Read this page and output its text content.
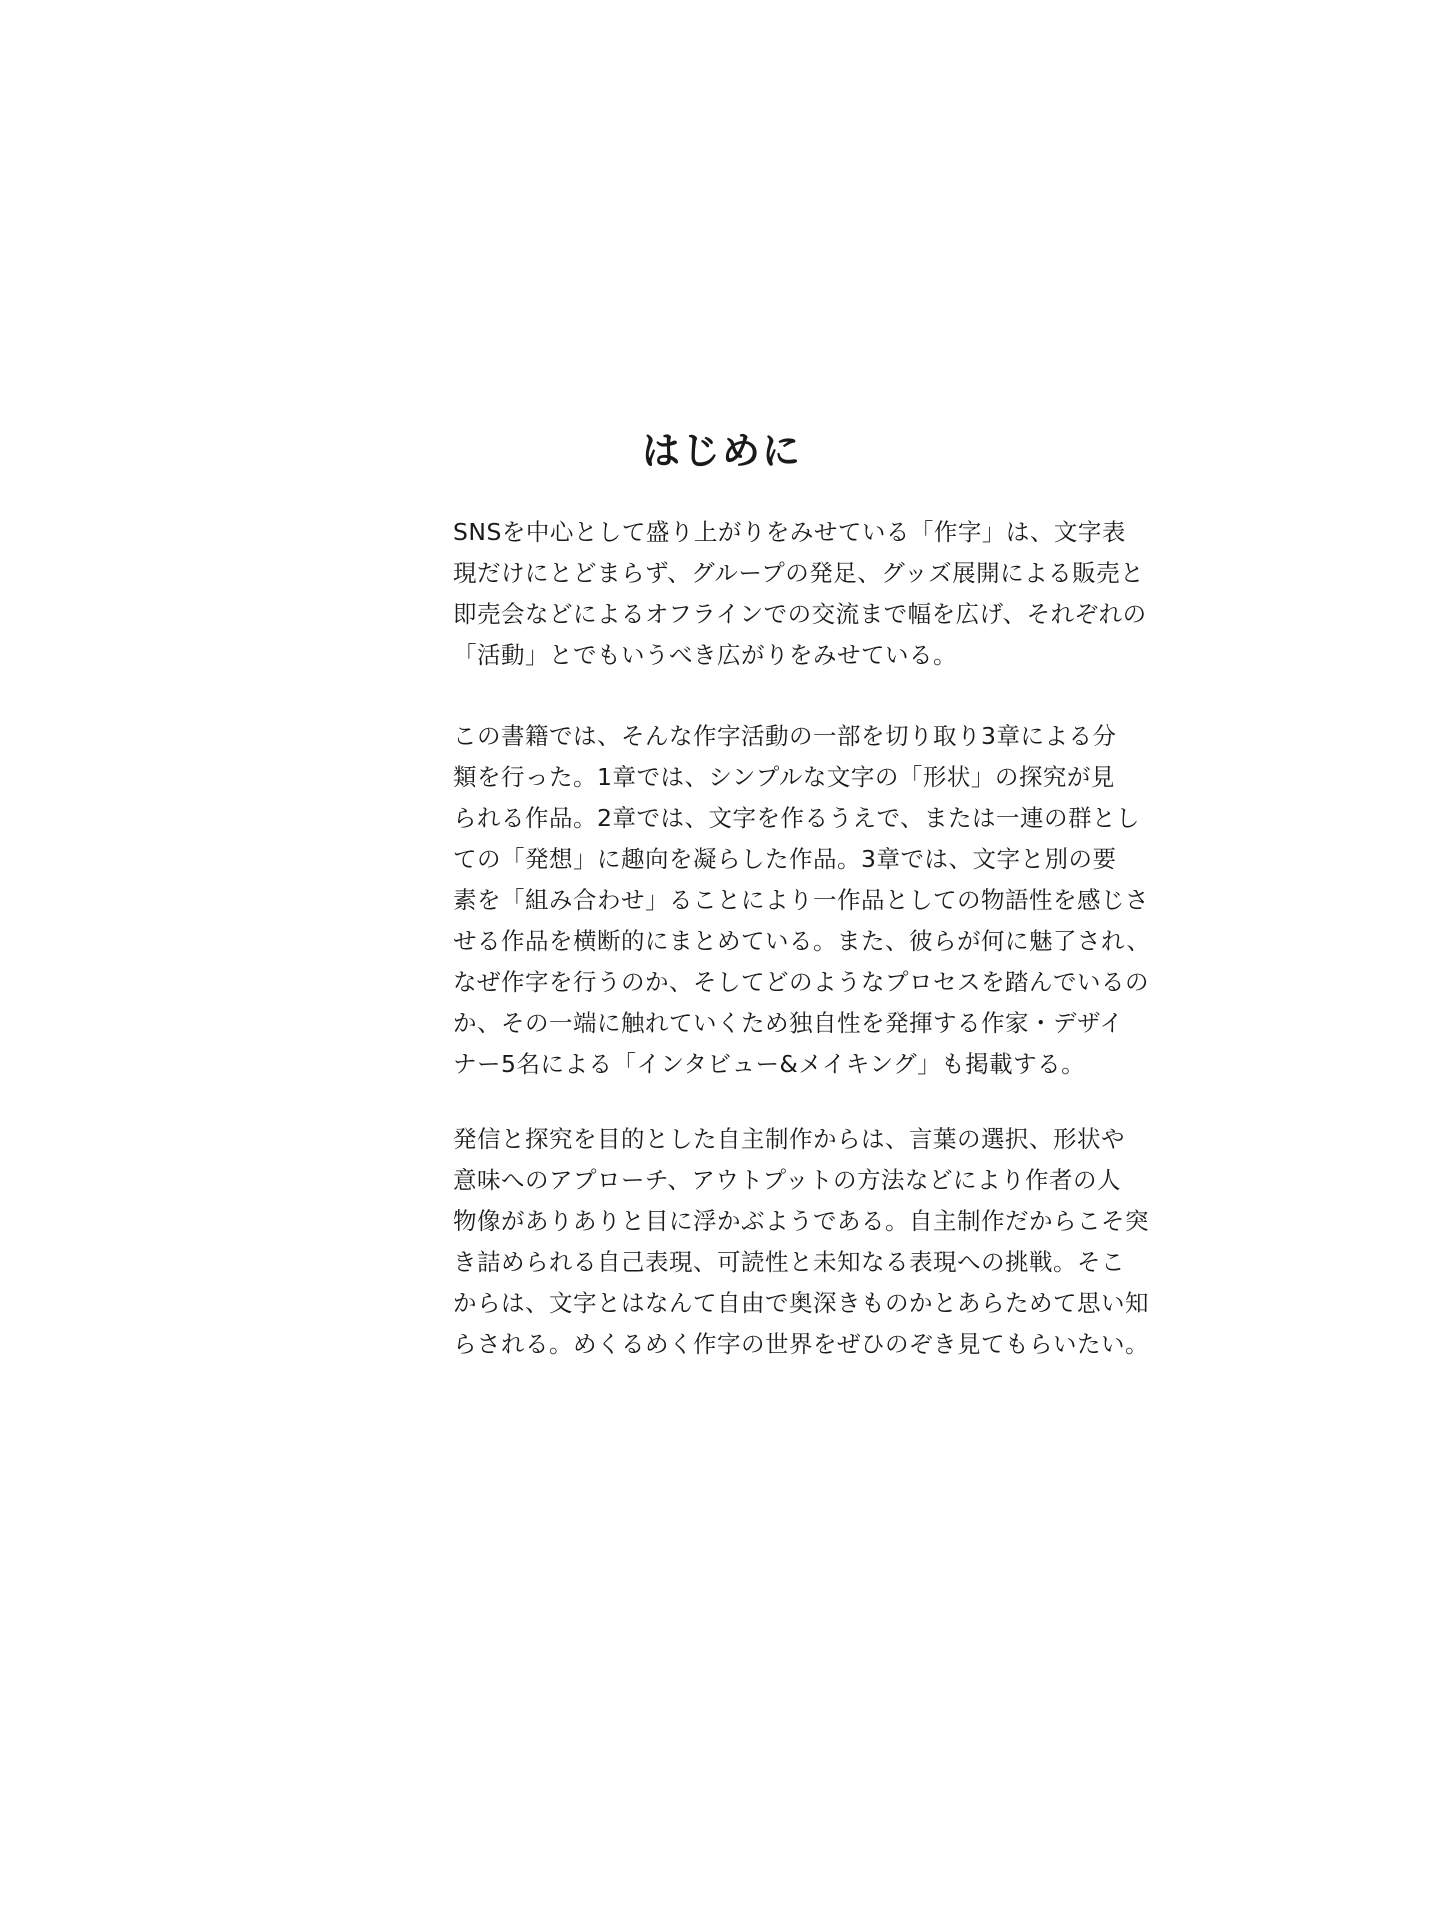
はじめに
SNSを中心として盛り上がりをみせている「作字」は、文字表
現だけにとどまらず、グループの発足、グッズ展開による販売と
即売会などによるオフラインでの交流まで幅を広げ、それぞれの
「活動」とでもいうべき広がりをみせている。
この書籍では、そんな作字活動の一部を切り取り3章による分
類を行った。1章では、シンプルな文字の「形状」の探究が見
られる作品。2章では、文字を作るうえで、または一連の群とし
ての「発想」に趣向を凝らした作品。3章では、文字と別の要
素を「組み合わせ」ることにより一作品としての物語性を感じさ
せる作品を横断的にまとめている。また、彼らが何に魅了され、
なぜ作字を行うのか、そしてどのようなプロセスを踏んでいるの
か、その一端に触れていくため独自性を発揮する作家・デザイ
ナー5名による「インタビュー&メイキング」も掲載する。
発信と探究を目的とした自主制作からは、言葉の選択、形状や
意味へのアプローチ、アウトプットの方法などにより作者の人
物像がありありと目に浮かぶようである。自主制作だからこそ突
き詰められる自己表現、可読性と未知なる表現への挑戦。そこ
からは、文字とはなんて自由で奥深きものかとあらためて思い知
らされる。めくるめく作字の世界をぜひのぞき見てもらいたい。
